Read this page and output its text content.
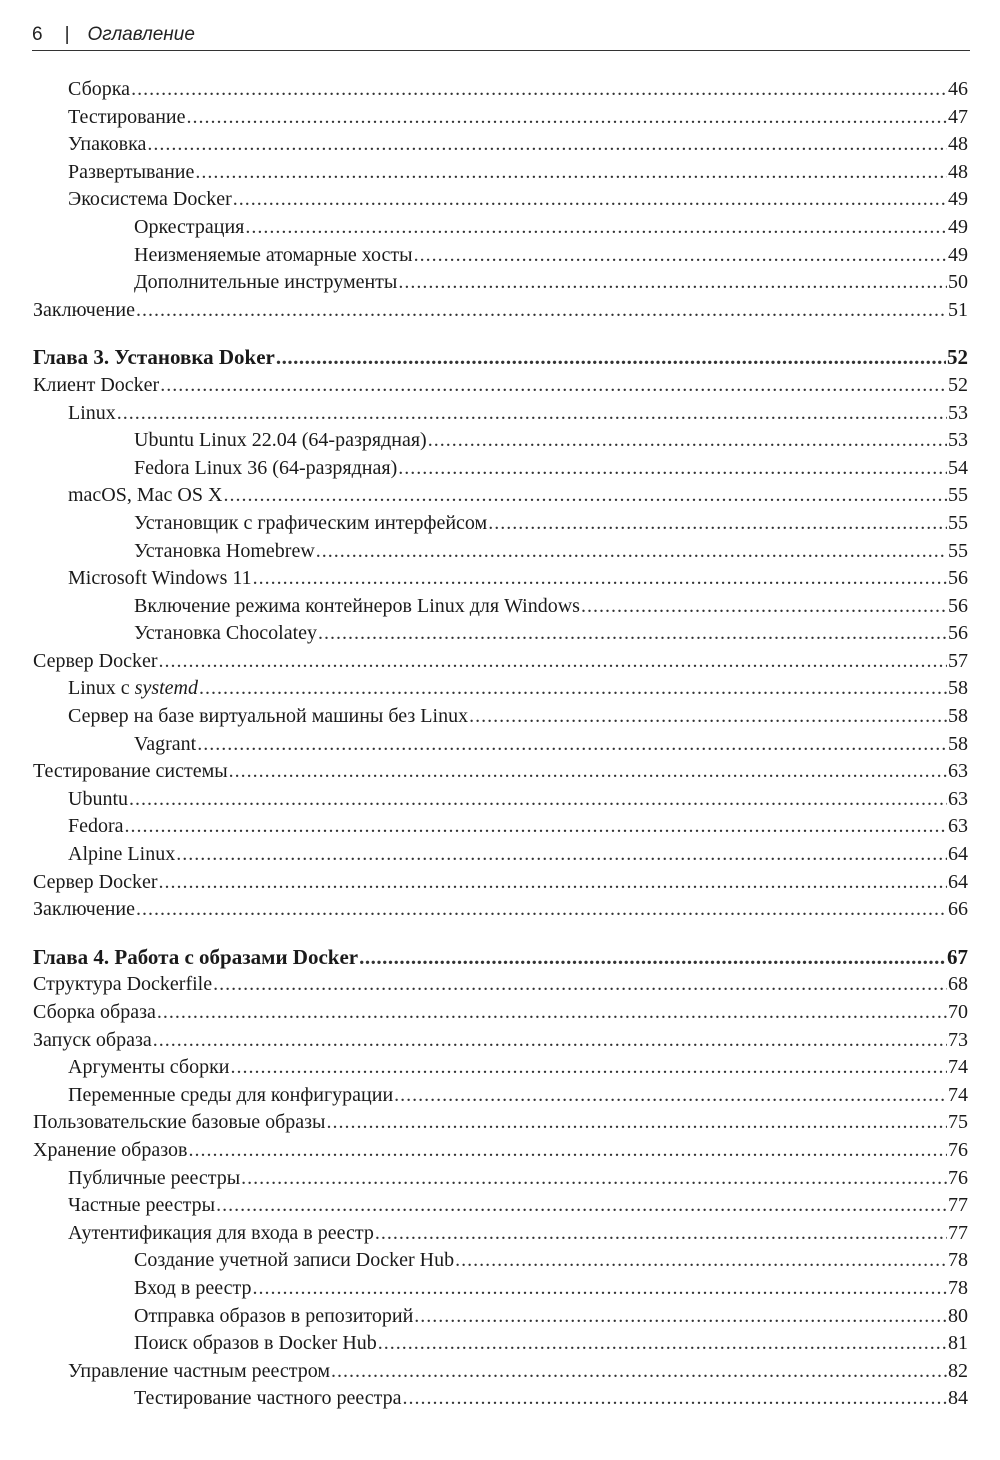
6 | Оглавление
Сборка .....	46
Тестирование .....	47
Упаковка .....	48
Развертывание .....	48
Экосистема Docker .....	49
Оркестрация .....	49
Неизменяемые атомарные хосты .....	49
Дополнительные инструменты .....	50
Заключение .....	51
Глава 3. Установка Doker .....	52
Клиент Docker .....	52
Linux .....	53
Ubuntu Linux 22.04 (64-разрядная) .....	53
Fedora Linux 36 (64-разрядная) .....	54
macOS, Mac OS X .....	55
Установщик с графическим интерфейсом .....	55
Установка Homebrew .....	55
Microsoft Windows 11 .....	56
Включение режима контейнеров Linux для Windows .....	56
Установка Chocolatey .....	56
Сервер Docker .....	57
Linux с systemd .....	58
Сервер на базе виртуальной машины без Linux .....	58
Vagrant .....	58
Тестирование системы .....	63
Ubuntu .....	63
Fedora .....	63
Alpine Linux .....	64
Сервер Docker .....	64
Заключение .....	66
Глава 4. Работа с образами Docker .....	67
Структура Dockerfile .....	68
Сборка образа .....	70
Запуск образа .....	73
Аргументы сборки .....	74
Переменные среды для конфигурации .....	74
Пользовательские базовые образы .....	75
Хранение образов .....	76
Публичные реестры .....	76
Частные реестры .....	77
Аутентификация для входа в реестр .....	77
Создание учетной записи Docker Hub .....	78
Вход в реестр .....	78
Отправка образов в репозиторий .....	80
Поиск образов в Docker Hub .....	81
Управление частным реестром .....	82
Тестирование частного реестра .....	84
